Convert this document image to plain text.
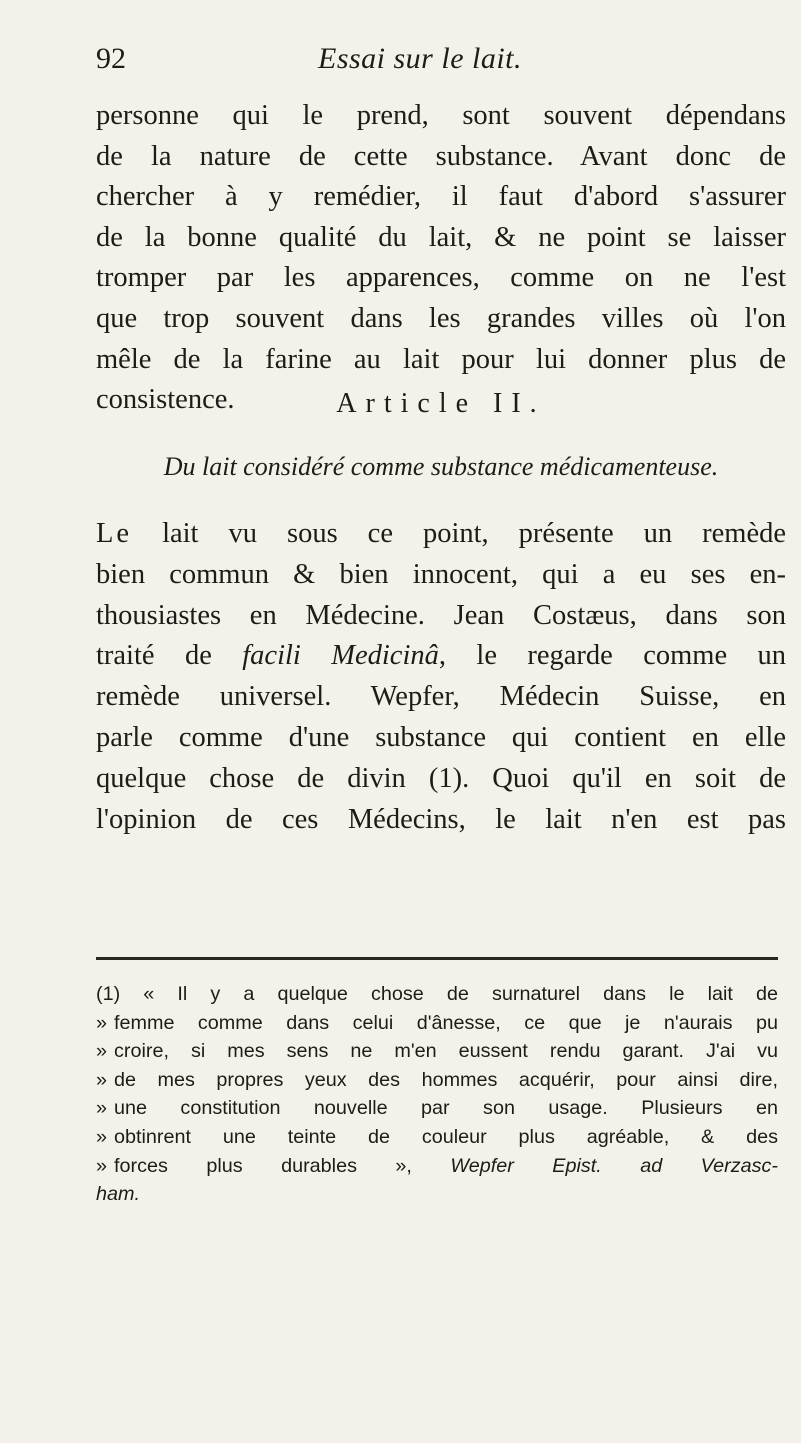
92	Essai sur le lait.
personne qui le prend, sont souvent dépendans
de la nature de cette substance. Avant donc de
chercher à y remédier, il faut d'abord s'assurer
de la bonne qualité du lait, & ne point se laisser
tromper par les apparences, comme on ne l'est
que trop souvent dans les grandes villes où l'on
mêle de la farine au lait pour lui donner plus de
consistence.	Article II.
Du lait considéré comme substance médicamenteuse.
Le lait vu sous ce point, présente un remède
bien commun & bien innocent, qui a eu ses en-
thousiastes en Médecine. Jean Costæus, dans son
traité de facili Medicinâ, le regarde comme un
remède universel. Wepfer, Médecin Suisse, en
parle comme d'une substance qui contient en elle
quelque chose de divin (1). Quoi qu'il en soit de
l'opinion de ces Médecins, le lait n'en est pas
(1) « Il y a quelque chose de surnaturel dans le lait de
» femme comme dans celui d'ânesse, ce que je n'aurais pu
» croire, si mes sens ne m'en eussent rendu garant. J'ai vu
» de mes propres yeux des hommes acquérir, pour ainsi dire,
» une constitution nouvelle par son usage. Plusieurs en
» obtinrent une teinte de couleur plus agréable, & des
» forces plus durables », Wepfer Epist. ad Verzasc-
ham.
